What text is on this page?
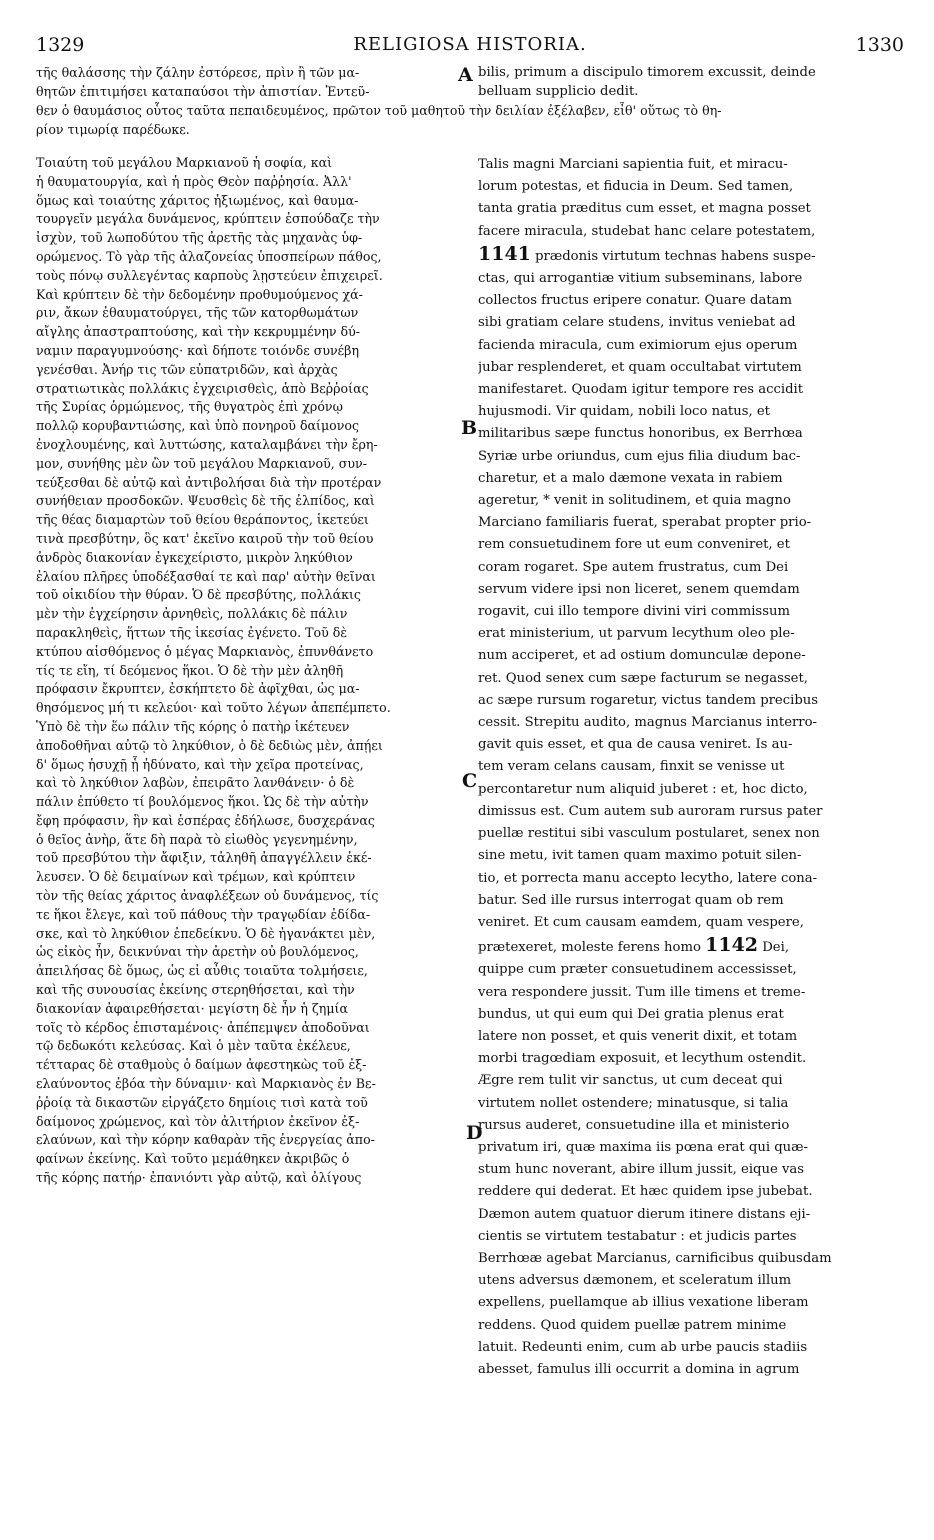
1329	RELIGIOSA HISTORIA.	1330
A
B
C
D
τῆς θαλάσσης τὴν ζάλην ἐστόρεσε, πρὶν ἢ τῶν μα-
θητῶν ἐπιτιμήσει καταπαύσοι τὴν ἀπιστίαν. Ἐντεῦ-
bilis, primum a discipulo timorem excussit, deinde
belluam supplicio dedit.
θεν ὁ θαυμάσιος οὗτος ταῦτα πεπαιδευμένος, πρῶτον τοῦ μαθητοῦ τὴν δειλίαν ἐξέλαβεν, εἶθ' οὕτως τὸ θη-
ρίον τιμωρίᾳ παρέδωκε.
Τοιαύτη τοῦ μεγάλου Μαρκιανοῦ ἡ σοφία, καὶ
ἡ θαυματουργία, καὶ ἡ πρὸς Θεὸν παῤῥησία. Ἀλλ'
ὅμως καὶ τοιαύτης χάριτος ἠξιωμένος, καὶ θαυμα-
τουργεῖν μεγάλα δυνάμενος, κρύπτειν ἐσπούδαζε τὴν
ἰσχὺν, τοῦ λωποδύτου τῆς ἀρετῆς τὰς μηχανὰς ὑφ-
ορώμενος. Τὸ γὰρ τῆς ἀλαζονείας ὑποσπείρων πάθος,
τοὺς πόνῳ συλλεγέντας καρποὺς λῃστεύειν ἐπιχειρεῖ.
Καὶ κρύπτειν δὲ τὴν δεδομένην προθυμούμενος χά-
ριν, ἄκων ἐθαυματούργει, τῆς τῶν κατορθωμάτων
αἴγλης ἀπαστραπτούσης, καὶ τὴν κεκρυμμένην δύ-
ναμιν παραγυμνούσης· καὶ δήποτε τοιόνδε συνέβη
γενέσθαι. Ἀνήρ τις τῶν εὐπατριδῶν, καὶ ἀρχὰς
στρατιωτικὰς πολλάκις ἐγχειρισθεὶς, ἀπὸ Βεῤῥοίας
τῆς Συρίας ὁρμώμενος, τῆς θυγατρὸς ἐπὶ χρόνῳ
πολλῷ κορυβαντιώσης, καὶ ὑπὸ πονηροῦ δαίμονος
ἐνοχλουμένης, καὶ λυττώσης, καταλαμβάνει τὴν ἔρη-
μον, συνήθης μὲν ὢν τοῦ μεγάλου Μαρκιανοῦ, συν-
τεύξεσθαι δὲ αὐτῷ καὶ ἀντιβολήσαι διὰ τὴν προτέραν
συνήθειαν προσδοκῶν. Ψευσθεὶς δὲ τῆς ἐλπίδος, καὶ
τῆς θέας διαμαρτὼν τοῦ θείου θεράποντος, ἱκετεύει
τινὰ πρεσβύτην, ὃς κατ' ἐκεῖνο καιροῦ τὴν τοῦ θείου
ἀνδρὸς διακονίαν ἐγκεχείριστο, μικρὸν ληκύθιον
ἐλαίου πλῆρες ὑποδέξασθαί τε καὶ παρ' αὐτὴν θεῖναι
τοῦ οἰκιδίου τὴν θύραν. Ὁ δὲ πρεσβύτης, πολλάκις
μὲν τὴν ἐγχείρησιν ἀρνηθεὶς, πολλάκις δὲ πάλιν
παρακληθεὶς, ἥττων τῆς ἱκεσίας ἐγένετο. Τοῦ δὲ
κτύπου αἰσθόμενος ὁ μέγας Μαρκιανὸς, ἐπυνθάνετο
τίς τε εἴη, τί δεόμενος ἥκοι. Ὁ δὲ τὴν μὲν ἀληθῆ
πρόφασιν ἔκρυπτεν, ἐσκήπτετο δὲ ἀφῖχθαι, ὡς μα-
θησόμενος μή τι κελεύοι· καὶ τοῦτο λέγων ἀπεπέμπετο.
Ὑπὸ δὲ τὴν ἕω πάλιν τῆς κόρης ὁ πατὴρ ἱκέτευεν
ἀποδοθῆναι αὐτῷ τὸ ληκύθιον, ὁ δὲ δεδιὼς μὲν, ἀπῄει
δ' ὅμως ἡσυχῇ ᾗ ἠδύνατο, καὶ τὴν χεῖρα προτείνας,
καὶ τὸ ληκύθιον λαβὼν, ἐπειρᾶτο λανθάνειν· ὁ δὲ
πάλιν ἐπύθετο τί βουλόμενος ἥκοι. Ὡς δὲ τὴν αὐτὴν
ἔφη πρόφασιν, ἣν καὶ ἑσπέρας ἐδήλωσε, δυσχεράνας
ὁ θεῖος ἀνὴρ, ἅτε δὴ παρὰ τὸ εἰωθὸς γεγενημένην,
τοῦ πρεσβύτου τὴν ἄφιξιν, τἀληθῆ ἀπαγγέλλειν ἐκέ-
λευσεν. Ὁ δὲ δειμαίνων καὶ τρέμων, καὶ κρύπτειν
τὸν τῆς θείας χάριτος ἀναφλέξεων οὐ δυνάμενος, τίς
τε ἥκοι ἔλεγε, καὶ τοῦ πάθους τὴν τραγῳδίαν ἐδίδα-
σκε, καὶ τὸ ληκύθιον ἐπεδείκνυ. Ὁ δὲ ἠγανάκτει μὲν,
ὡς εἰκὸς ἦν, δεικνύναι τὴν ἀρετὴν οὐ βουλόμενος,
ἀπειλήσας δὲ ὅμως, ὡς εἰ αὖθις τοιαῦτα τολμήσειε,
καὶ τῆς συνουσίας ἐκείνης στερηθήσεται, καὶ τὴν
διακονίαν ἀφαιρεθήσεται· μεγίστη δὲ ἦν ἡ ζημία
τοῖς τὸ κέρδος ἐπισταμένοις· ἀπέπεμψεν ἀποδοῦναι
τῷ δεδωκότι κελεύσας. Καὶ ὁ μὲν ταῦτα ἐκέλευε,
τέτταρας δὲ σταθμοὺς ὁ δαίμων ἀφεστηκὼς τοῦ ἐξ-
ελαύνοντος ἐβόα τὴν δύναμιν· καὶ Μαρκιανὸς ἐν Βε-
ῤῥοίᾳ τὰ δικαστῶν εἰργάζετο δημίοις τισὶ κατὰ τοῦ
δαίμονος χρώμενος, καὶ τὸν ἀλιτήριον ἐκεῖνον ἐξ-
ελαύνων, καὶ τὴν κόρην καθαρὰν τῆς ἐνεργείας ἀπο-
φαίνων ἐκείνης. Καὶ τοῦτο μεμάθηκεν ἀκριβῶς ὁ
τῆς κόρης πατήρ· ἐπανιόντι γὰρ αὐτῷ, καὶ ὀλίγους
Talis magni Marciani sapientia fuit, et miracu-
lorum potestas, et fiducia in Deum. Sed tamen,
tanta gratia præditus cum esset, et magna posset
facere miracula, studebat hanc celare potestatem,
1141 prædonis virtutum technas habens suspe-
ctas, qui arrogantiæ vitium subseminans, labore
collectos fructus eripere conatur. Quare datam
sibi gratiam celare studens, invitus veniebat ad
facienda miracula, cum eximiorum ejus operum
jubar resplenderet, et quam occultabat virtutem
manifestaret. Quodam igitur tempore res accidit
hujusmodi. Vir quidam, nobili loco natus, et
militaribus sæpe functus honoribus, ex Berrhœa
Syriæ urbe oriundus, cum ejus filia diudum bac-
charetur, et a malo dæmone vexata in rabiem
ageretur, * venit in solitudinem, et quia magno
Marciano familiaris fuerat, sperabat propter prio-
rem consuetudinem fore ut eum conveniret, et
coram rogaret. Spe autem frustratus, cum Dei
servum videre ipsi non liceret, senem quemdam
rogavit, cui illo tempore divini viri commissum
erat ministerium, ut parvum lecythum oleo ple-
num acciperet, et ad ostium domunculæ depone-
ret. Quod senex cum sæpe facturum se negasset,
ac sæpe rursum rogaretur, victus tandem precibus
cessit. Strepitu audito, magnus Marcianus interro-
gavit quis esset, et qua de causa veniret. Is au-
tem veram celans causam, finxit se venisse ut
percontaretur num aliquid juberet : et, hoc dicto,
dimissus est. Cum autem sub auroram rursus pater
puellæ restitui sibi vasculum postularet, senex non
sine metu, ivit tamen quam maximo potuit silen-
tio, et porrecta manu accepto lecytho, latere cona-
batur. Sed ille rursus interrogat quam ob rem
veniret. Et cum causam eamdem, quam vespere,
prætexeret, moleste ferens homo 1142 Dei,
quippe cum præter consuetudinem accessisset,
vera respondere jussit. Tum ille timens et treme-
bundus, ut qui eum qui Dei gratia plenus erat
latere non posset, et quis venerit dixit, et totam
morbi tragœdiam exposuit, et lecythum ostendit.
Ægre rem tulit vir sanctus, ut cum deceat qui
virtutem nollet ostendere; minatusque, si talia
rursus auderet, consuetudine illa et ministerio
privatum iri, quæ maxima iis pœna erat qui quæ-
stum hunc noverant, abire illum jussit, eique vas
reddere qui dederat. Et hæc quidem ipse jubebat.
Dæmon autem quatuor dierum itinere distans eji-
cientis se virtutem testabatur : et judicis partes
Berrhœæ agebat Marcianus, carnificibus quibusdam
utens adversus dæmonem, et sceleratum illum
expellens, puellamque ab illius vexatione liberam
reddens. Quod quidem puellæ patrem minime
latuit. Redeunti enim, cum ab urbe paucis stadiis
abesset, famulus illi occurrit a domina in agrum
